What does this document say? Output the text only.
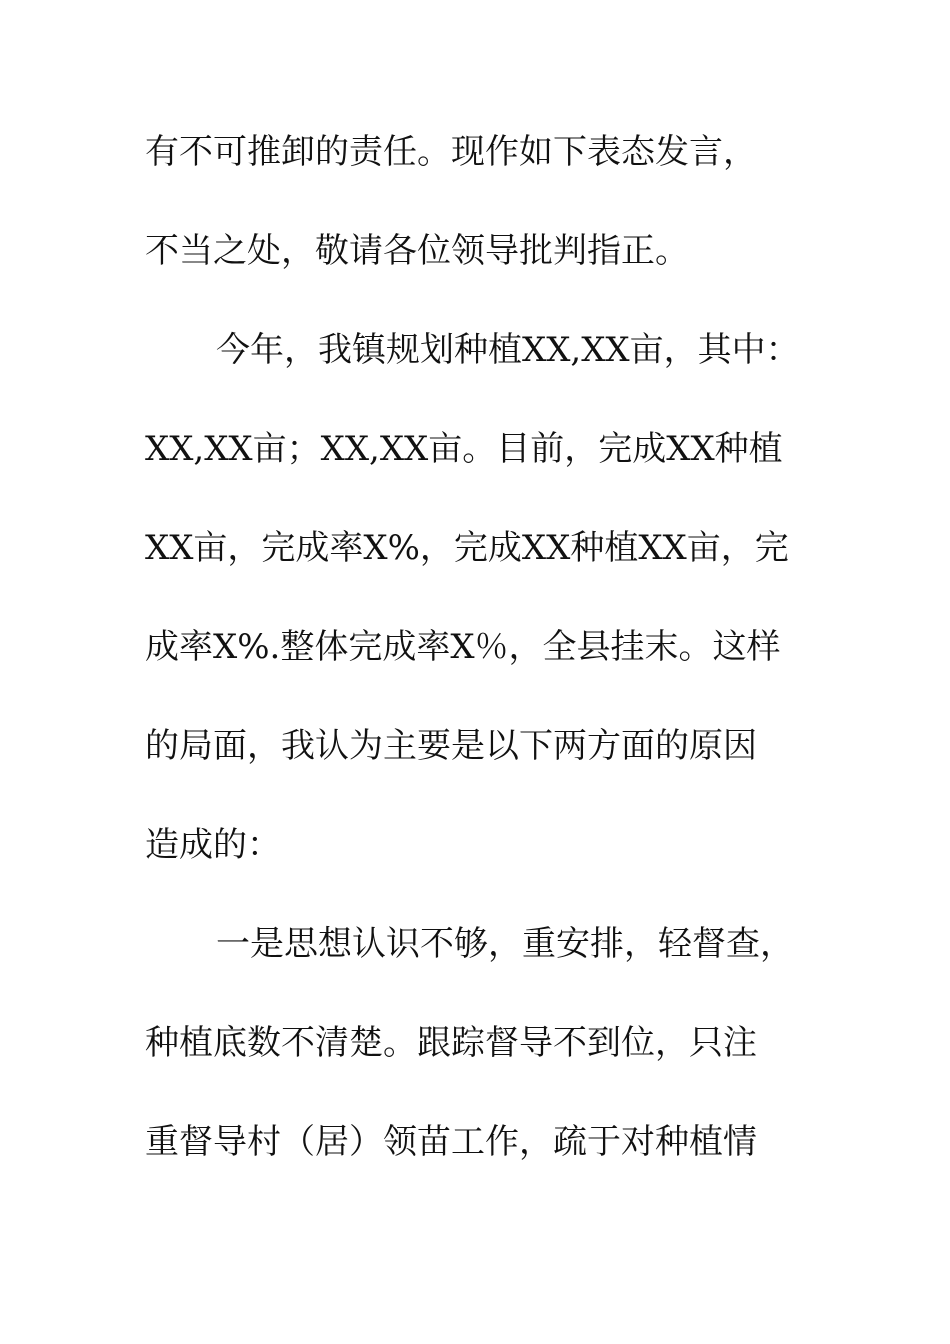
有不可推卸的责任。现作如下表态发言，
不当之处，敬请各位领导批判指正。
今年，我镇规划种植XX,XX亩，其中：
XX,XX亩；XX,XX亩。目前，完成XX种植
XX亩，完成率X%，完成XX种植XX亩，完
成率X%.整体完成率X％，全县挂末。这样
的局面，我认为主要是以下两方面的原因
造成的：
一是思想认识不够，重安排，轻督查，
种植底数不清楚。跟踪督导不到位，只注
重督导村（居）领苗工作，疏于对种植情
